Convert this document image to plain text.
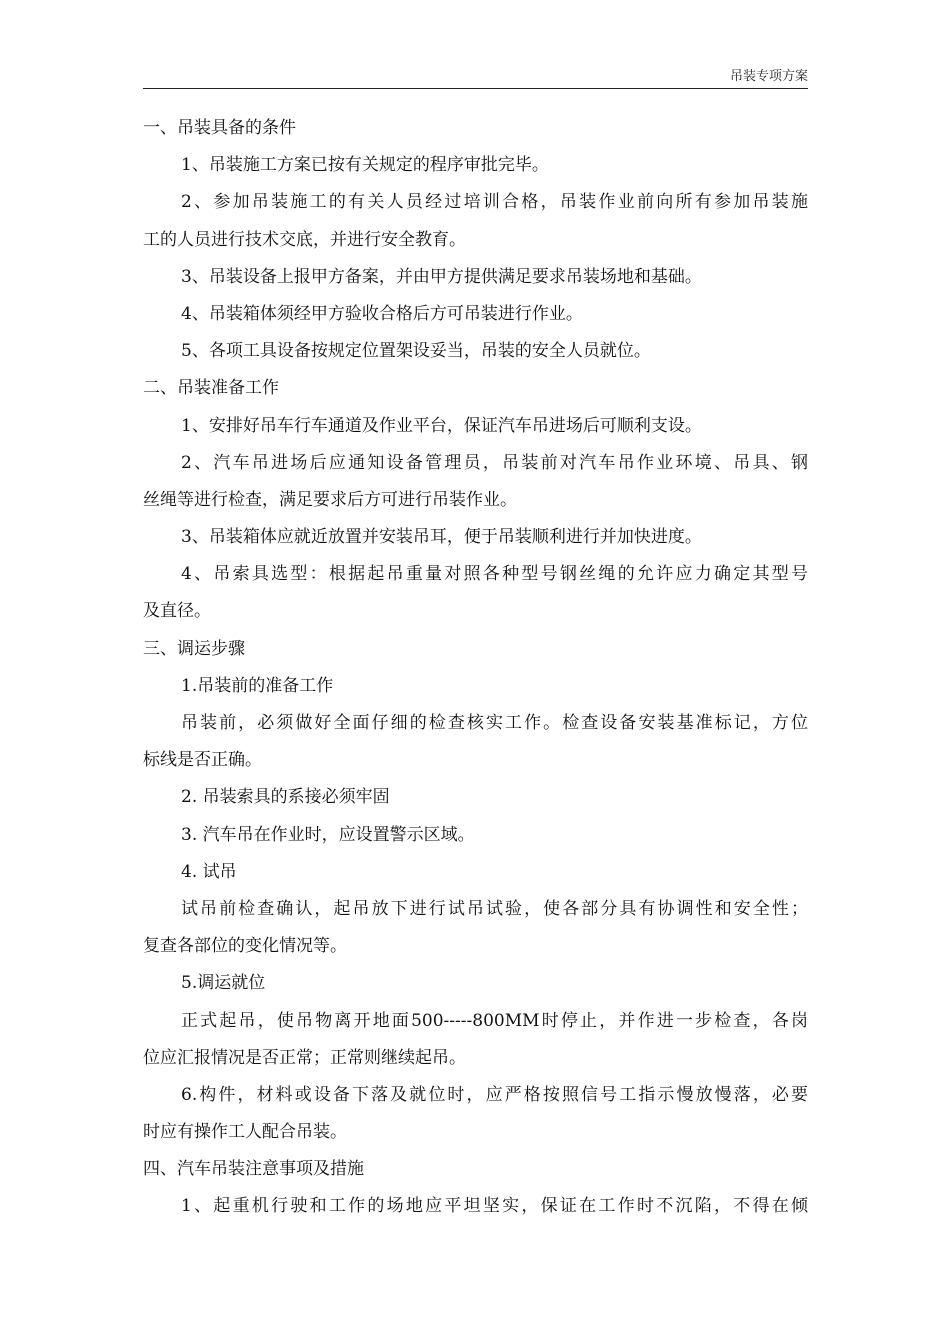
吊装专项方案
一、吊装具备的条件
1、吊装施工方案已按有关规定的程序审批完毕。
2、参加吊装施工的有关人员经过培训合格，吊装作业前向所有参加吊装施
工的人员进行技术交底，并进行安全教育。
3、吊装设备上报甲方备案，并由甲方提供满足要求吊装场地和基础。
4、吊装箱体须经甲方验收合格后方可吊装进行作业。
5、各项工具设备按规定位置架设妥当，吊装的安全人员就位。
二、吊装准备工作
1、安排好吊车行车通道及作业平台，保证汽车吊进场后可顺利支设。
2、汽车吊进场后应通知设备管理员，吊装前对汽车吊作业环境、吊具、钢
丝绳等进行检查，满足要求后方可进行吊装作业。
3、吊装箱体应就近放置并安装吊耳，便于吊装顺利进行并加快进度。
4、吊索具选型：根据起吊重量对照各种型号钢丝绳的允许应力确定其型号
及直径。
三、调运步骤
1.吊装前的准备工作
吊装前，必须做好全面仔细的检查核实工作。检查设备安装基准标记，方位
标线是否正确。
2. 吊装索具的系接必须牢固
3. 汽车吊在作业时，应设置警示区域。
4. 试吊
试吊前检查确认，起吊放下进行试吊试验，使各部分具有协调性和安全性；
复查各部位的变化情况等。
5.调运就位
正式起吊，使吊物离开地面500-----800MM时停止，并作进一步检查，各岗
位应汇报情况是否正常；正常则继续起吊。
6.构件，材料或设备下落及就位时，应严格按照信号工指示慢放慢落，必要
时应有操作工人配合吊装。
四、汽车吊装注意事项及措施
1、起重机行驶和工作的场地应平坦坚实，保证在工作时不沉陷，不得在倾
